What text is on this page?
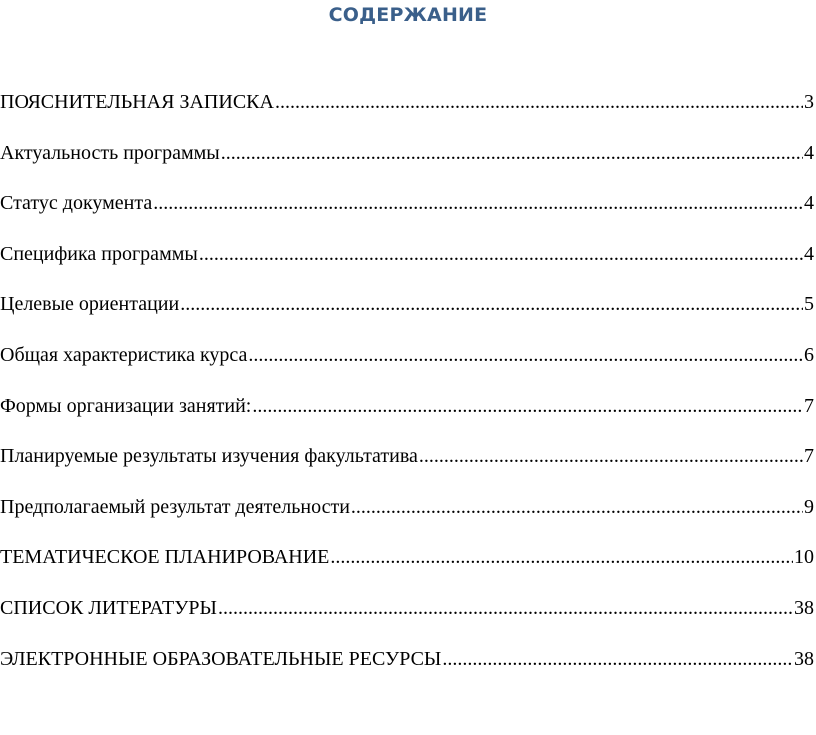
СОДЕРЖАНИЕ
ПОЯСНИТЕЛЬНАЯ ЗАПИСКА .....	3
Актуальность программы .....	4
Статус документа .....	4
Специфика программы .....	4
Целевые ориентации .....	5
Общая характеристика курса .....	6
Формы организации занятий: .....	7
Планируемые результаты изучения факультатива .....	7
Предполагаемый результат деятельности .....	9
ТЕМАТИЧЕСКОЕ ПЛАНИРОВАНИЕ .....	10
СПИСОК ЛИТЕРАТУРЫ .....	38
ЭЛЕКТРОННЫЕ ОБРАЗОВАТЕЛЬНЫЕ РЕСУРСЫ .....	38
